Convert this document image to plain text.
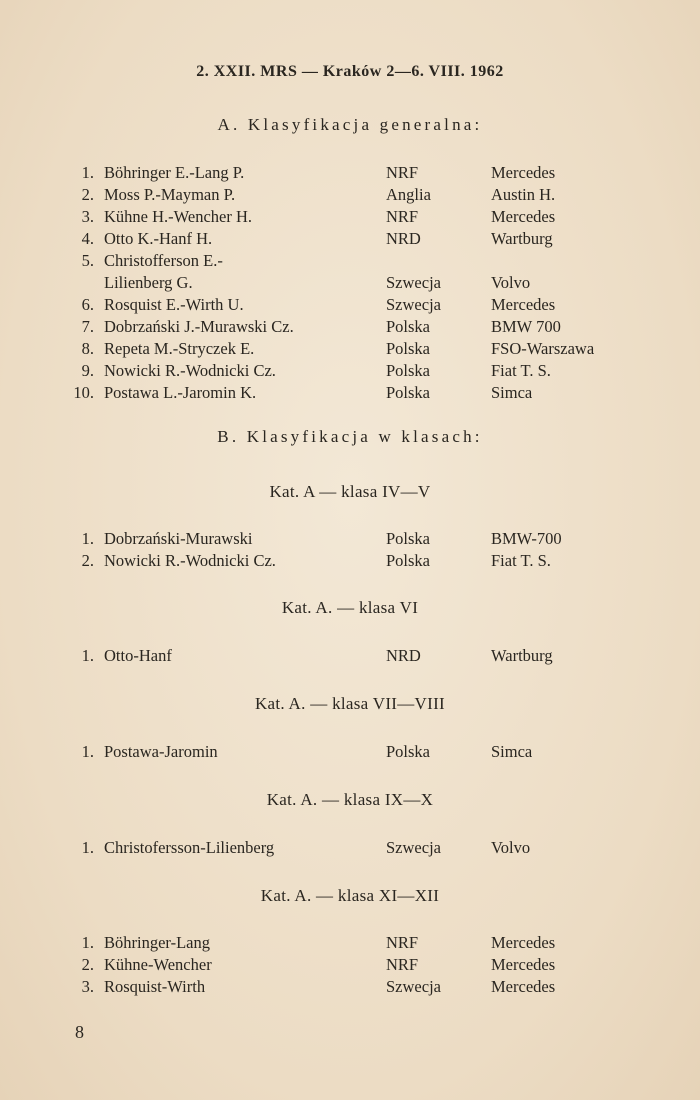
2. XXII. MRS — Kraków 2—6. VIII. 1962
A. Klasyfikacja generalna:
1. Böhringer E.-Lang P.	NRF	Mercedes
2. Moss P.-Mayman P.	Anglia	Austin H.
3. Kühne H.-Wencher H.	NRF	Mercedes
4. Otto K.-Hanf H.	NRD	Wartburg
5. Christofferson E.-
Lilienberg G.	Szwecja	Volvo
6. Rosquist E.-Wirth U.	Szwecja	Mercedes
7. Dobrzański J.-Murawski Cz.	Polska	BMW 700
8. Repeta M.-Stryczek E.	Polska	FSO-Warszawa
9. Nowicki R.-Wodnicki Cz.	Polska	Fiat T. S.
10. Postawa L.-Jaromin K.	Polska	Simca
B. Klasyfikacja w klasach:
Kat. A — klasa IV—V
1. Dobrzański-Murawski	Polska	BMW-700
2. Nowicki R.-Wodnicki Cz.	Polska	Fiat T. S.
Kat. A. — klasa VI
1. Otto-Hanf	NRD	Wartburg
Kat. A. — klasa VII—VIII
1. Postawa-Jaromin	Polska	Simca
Kat. A. — klasa IX—X
1. Christofersson-Lilienberg	Szwecja	Volvo
Kat. A. — klasa XI—XII
1. Böhringer-Lang	NRF	Mercedes
2. Kühne-Wencher	NRF	Mercedes
3. Rosquist-Wirth	Szwecja	Mercedes
8
